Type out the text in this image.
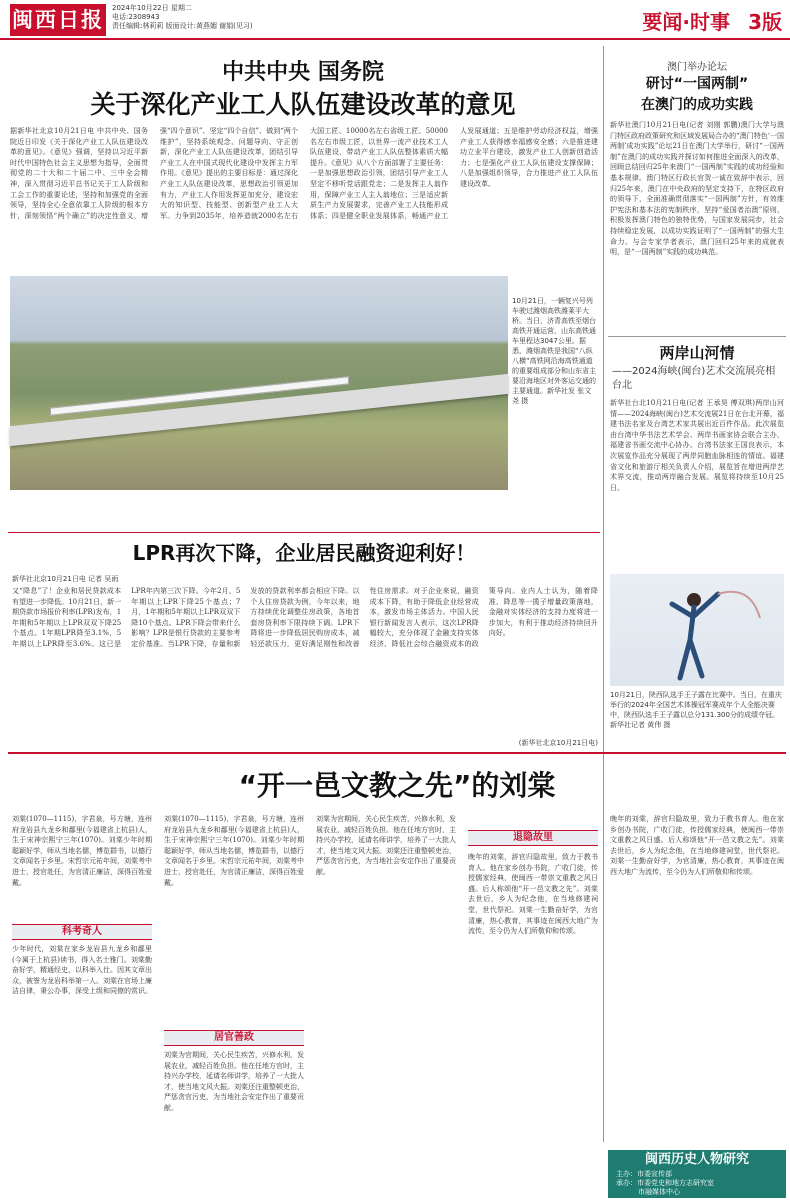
闽西日报 2024年10月22日 星期二
电话:2308943
责任编辑:林莉莉 版面设计:黄燕媚 谢娟(见习)	要闻·时事 3版
中共中央 国务院
关于深化产业工人队伍建设改革的意见
据新华社北京10月21日电 中共中央、国务院近日印发《关于深化产业工人队伍建设改革的意见》。《意见》强调，坚持以习近平新时代中国特色社会主义思想为指导，全面贯彻党的二十大和二十届二中、三中全会精神，深入贯彻习近平总书记关于工人阶级和工会工作的重要论述，坚持和加强党的全面领导，坚持全心全意依靠工人阶级的根本方针，深刻领悟“两个确立”的决定性意义，增强“四个意识”、坚定“四个自信”、做到“两个维护”，坚持系统观念、问题导向、守正创新，深化产业工人队伍建设改革，团结引导产业工人在中国式现代化建设中发挥主力军作用。《意见》提出的主要目标是：通过深化产业工人队伍建设改革，思想政治引领更加有力，产业工人作用发挥更加充分，建设宏大的知识型、技能型、创新型产业工人大军。力争到2035年，培养造就2000名左右大国工匠、10000名左右省级工匠、50000名左右市级工匠，以世界一流产业技术工人队伍建设，带动产业工人队伍整体素质大幅提升。《意见》从八个方面部署了主要任务：一是加强思想政治引领，团结引导产业工人坚定不移听党话跟党走；二是发挥主人翁作用，保障产业工人主人翁地位；三是适应新质生产力发展要求，完善产业工人技能形成体系；四是健全职业发展体系，畅通产业工人发展通道；五是维护劳动经济权益，增强产业工人获得感幸福感安全感；六是推进建功立业平台建设，激发产业工人创新创造活力；七是强化产业工人队伍建设支撑保障；八是加强组织领导，合力推进产业工人队伍建设改革。
10月21日，一辆复兴号列车驶过潍烟高铁潍莱平大桥。当日，济青高铁至烟台高铁开通运营，山东高铁通车里程达3047公里。据悉，潍烟高铁是我国“八纵八横”高铁网沿海高铁通道的重要组成部分和山东省主要沿海地区对外客运交通的主要通道。新华社发 张文尧 摄
澳门举办论坛
研讨“一国两制”
在澳门的成功实践
新华社澳门10月21日电(记者 刘刚 郭鹏)澳门大学与澳门特区政府政策研究和区域发展局合办的“澳门特色‘一国两制’成功实践”论坛21日在澳门大学举行，研讨“一国两制”在澳门的成功实践并探讨如何推进全面深入的改革，回顾总结回归25年来澳门“一国两制”实践的成功经验和基本规律。澳门特区行政长官贺一诚在致辞中表示，回归25年来，澳门在中央政府的坚定支持下，在特区政府的领导下，全面准确贯彻落实“一国两制”方针，有效维护宪法和基本法的宪制秩序，坚持“爱国者治澳”原则，积极发挥澳门特色的独特优势，与国家发展同步，社会持续稳定发展，以成功实践证明了“一国两制”的强大生命力。与会专家学者表示，澳门回归25年来的成就表明，是“一国两制”实践的成功典范。
两岸山河情
——2024海峡(闽台)艺术交流展亮相台北
新华社台北10月21日电(记者 王承昊 傅双琪)两岸山河情——2024海峡(闽台)艺术交流展21日在台北开幕，福建书法名家及台湾艺术家共展出近百件作品。此次展览由台湾中华书法艺术学会、两岸书画家协会联合主办，福建省书画交流中心协办。台湾书法家王国良表示，本次展览作品充分展现了两岸同胞血脉相连的情谊。福建省文化和旅游厅相关负责人介绍，展览旨在增进两岸艺术界交流，推动两岸融合发展。展览将持续至10月25日。
10月21日，陕西队选手王子露在比赛中。当日，在重庆举行的2024年全国艺术体操冠军赛成年个人全能决赛中，陕西队选手王子露以总分131.300分的成绩夺冠。新华社记者 黄伟 摄
LPR再次下降，企业居民融资迎利好！
新华社北京10月21日电 记者 吴雨
又“降息”了！企业和居民贷款成本有望进一步降低。10月21日，新一期贷款市场报价利率(LPR)发布，1年期和5年期以上LPR双双下降25个基点。1年期LPR降至3.1%，5年期以上LPR降至3.6%。这已是LPR年内第三次下降。今年2月，5年期以上LPR下降25个基点；7月，1年期和5年期以上LPR双双下降10个基点。LPR下降会带来什么影响？LPR是银行贷款的主要参考定价基准。当LPR下降，存量和新发放的贷款利率都会相应下降。以个人住房贷款为例，今年以来，地方持续优化调整住房政策，各地首套房贷利率下限持续下调。LPR下降将进一步降低居民购房成本，减轻还款压力，更好满足刚性和改善性住房需求。对于企业来说，融资成本下降，有助于降低企业经营成本，激发市场主体活力。中国人民银行新闻发言人表示，这次LPR降幅较大，充分体现了金融支持实体经济、降低社会综合融资成本的政策导向。业内人士认为，随着降准、降息等一揽子增量政策落地，金融对实体经济的支持力度将进一步加大，有利于推动经济持续回升向好。
(新华社北京10月21日电)
“开一邑文教之先”的刘棠
刘棠(1070—1115)，字君泉，号方塘，连州府龙岩县九龙乡和鄱里(今福建省上杭县)人，生于宋神宗熙宁三年(1070)。刘棠少年时期聪颖好学，师从当地名儒，博览群书，以德行文章闻名于乡里。宋哲宗元祐年间，刘棠考中进士，授官赴任，为官清正廉洁，深得百姓爱戴。
科考奇人
少年时代，刘棠在家乡龙岩县九龙乡和鄱里(今属于上杭县)读书，得入名士雅门。刘棠勤奋好学，精通经史，以科举入仕。因其文章出众，被誉为龙岩科举第一人。刘棠在官场上廉洁自律，秉公办事，深受上级和同僚的赏识。
刘棠(1070—1115)，字君泉，号方塘，连州府龙岩县九龙乡和鄱里(今福建省上杭县)人，生于宋神宗熙宁三年(1070)。刘棠少年时期聪颖好学，师从当地名儒，博览群书，以德行文章闻名于乡里。宋哲宗元祐年间，刘棠考中进士，授官赴任，为官清正廉洁，深得百姓爱戴。
居官善政
刘棠为官期间，关心民生疾苦，兴修水利，发展农业，减轻百姓负担。他在任地方官时，主持兴办学校，延请名师讲学，培养了一大批人才，使当地文风大振。刘棠还注重整顿吏治，严惩贪官污吏，为当地社会安定作出了重要贡献。
刘棠为官期间，关心民生疾苦，兴修水利，发展农业，减轻百姓负担。他在任地方官时，主持兴办学校，延请名师讲学，培养了一大批人才，使当地文风大振。刘棠还注重整顿吏治，严惩贪官污吏，为当地社会安定作出了重要贡献。
退隐故里
晚年的刘棠，辞官归隐故里，致力于教书育人。他在家乡创办书院，广收门徒，传授儒家经典，使闽西一带崇文重教之风日盛。后人称颂他“开一邑文教之先”。刘棠去世后，乡人为纪念他，在当地修建祠堂，世代祭祀。刘棠一生勤奋好学，为官清廉，热心教育，其事迹在闽西大地广为流传，至今仍为人们所敬仰和传颂。
晚年的刘棠，辞官归隐故里，致力于教书育人。他在家乡创办书院，广收门徒，传授儒家经典，使闽西一带崇文重教之风日盛。后人称颂他“开一邑文教之先”。刘棠去世后，乡人为纪念他，在当地修建祠堂，世代祭祀。刘棠一生勤奋好学，为官清廉，热心教育，其事迹在闽西大地广为流传，至今仍为人们所敬仰和传颂。
闽西历史人物研究
主办：市委宣传部
承办：市委党史和地方志研究室
市融媒体中心
